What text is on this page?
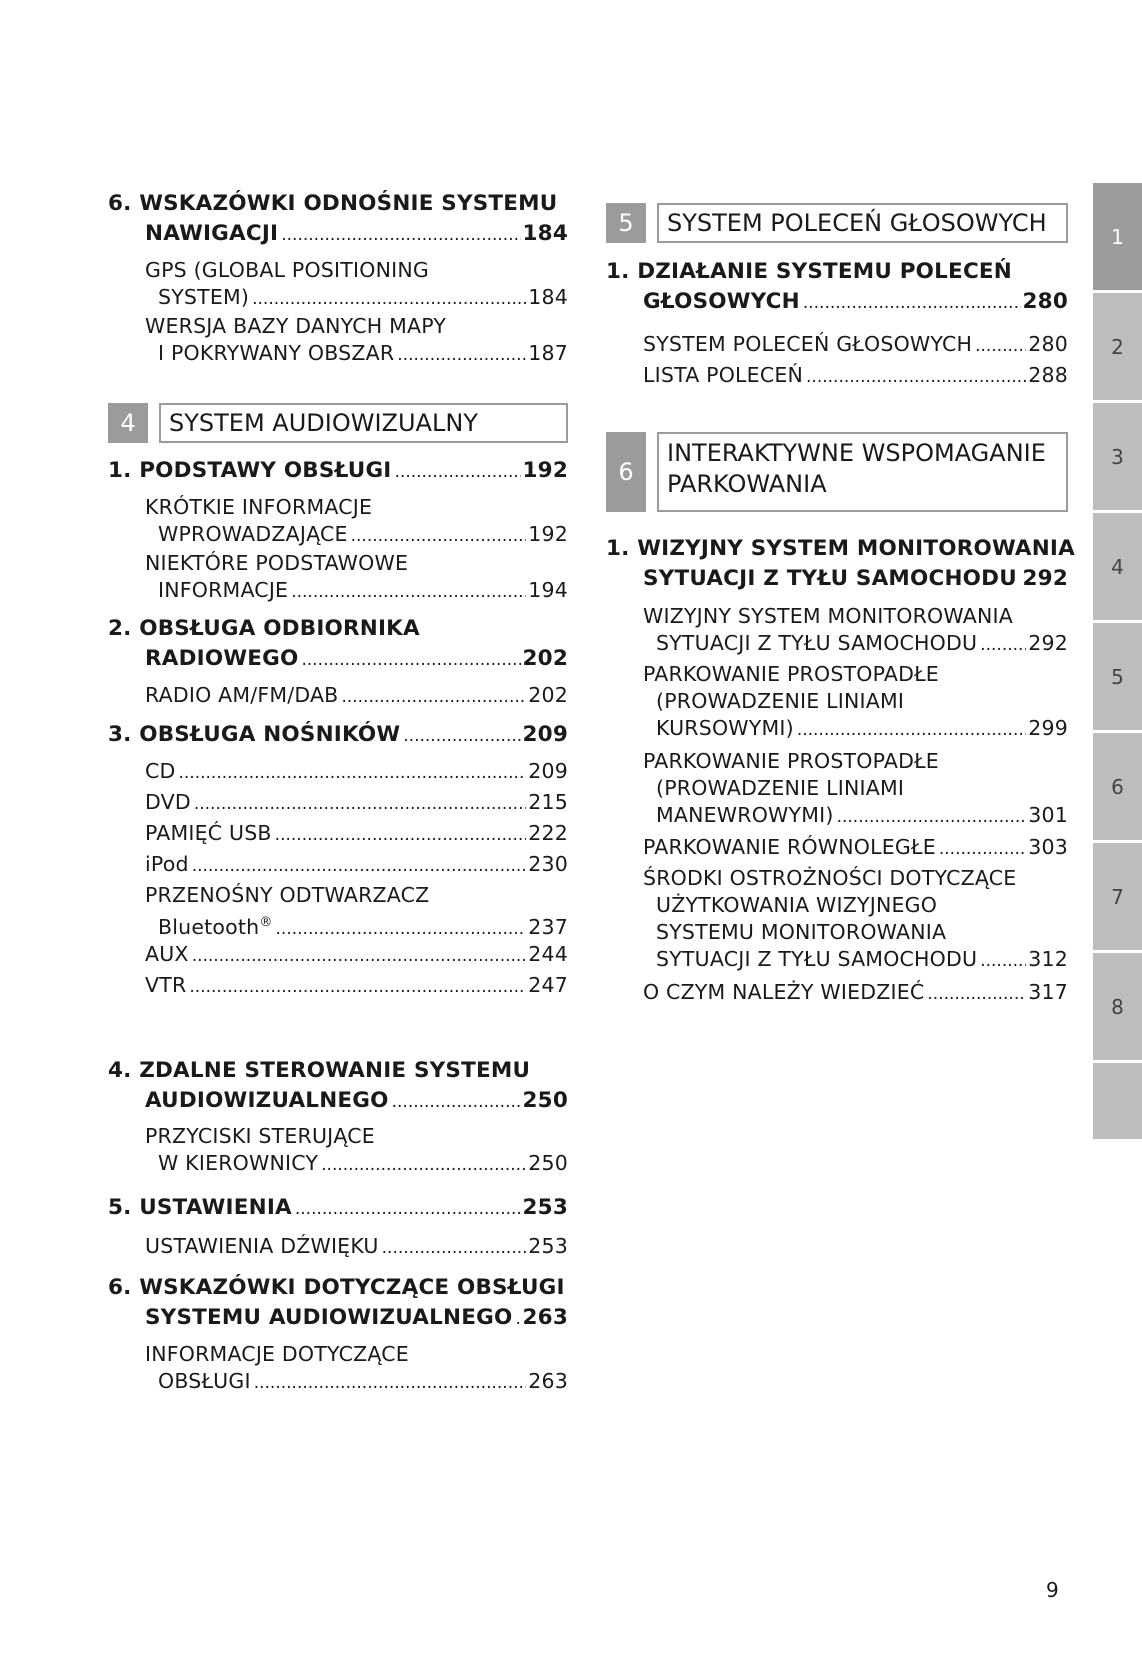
6. WSKAZÓWKI ODNOŚNIE SYSTEMU
NAWIGACJI .....	184
GPS (GLOBAL POSITIONING
SYSTEM) .....	184
WERSJA BAZY DANYCH MAPY
I POKRYWANY OBSZAR .....	187
4	SYSTEM AUDIOWIZUALNY
1. PODSTAWY OBSŁUGI .....	192
KRÓTKIE INFORMACJE
WPROWADZAJĄCE .....	192
NIEKTÓRE PODSTAWOWE
INFORMACJE .....	194
2. OBSŁUGA ODBIORNIKA
RADIOWEGO .....	202
RADIO AM/FM/DAB .....	202
3. OBSŁUGA NOŚNIKÓW .....	209
CD .....	209
DVD .....	215
PAMIĘĆ USB .....	222
iPod .....	230
PRZENOŚNY ODTWARZACZ
Bluetooth® .....	237
AUX .....	244
VTR .....	247
4. ZDALNE STEROWANIE SYSTEMU
AUDIOWIZUALNEGO .....	250
PRZYCISKI STERUJĄCE
W KIEROWNICY .....	250
5. USTAWIENIA .....	253
USTAWIENIA DŹWIĘKU .....	253
6. WSKAZÓWKI DOTYCZĄCE OBSŁUGI
SYSTEMU AUDIOWIZUALNEGO ..... 263
INFORMACJE DOTYCZĄCE
OBSŁUGI .....	263
5	SYSTEM POLECEŃ GŁOSOWYCH
1. DZIAŁANIE SYSTEMU POLECEŃ
GŁOSOWYCH .....	280
SYSTEM POLECEŃ GŁOSOWYCH .....	280
LISTA POLECEŃ .....	288
6
INTERAKTYWNE WSPOMAGANIE
PARKOWANIA
1. WIZYJNY SYSTEM MONITOROWANIA
SYTUACJI Z TYŁU SAMOCHODU ..... 292
WIZYJNY SYSTEM MONITOROWANIA
SYTUACJI Z TYŁU SAMOCHODU ..... 292
PARKOWANIE PROSTOPADŁE
(PROWADZENIE LINIAMI
KURSOWYMI) .....	299
PARKOWANIE PROSTOPADŁE
(PROWADZENIE LINIAMI
MANEWROWYMI) .....	301
PARKOWANIE RÓWNOLEGŁE .....	303
ŚRODKI OSTROŻNOŚCI DOTYCZĄCE
UŻYTKOWANIA WIZYJNEGO
SYSTEMU MONITOROWANIA
SYTUACJI Z TYŁU SAMOCHODU ..... 312
O CZYM NALEŻY WIEDZIEĆ .....	317
1
2
3
4
5
6
7
8
9
